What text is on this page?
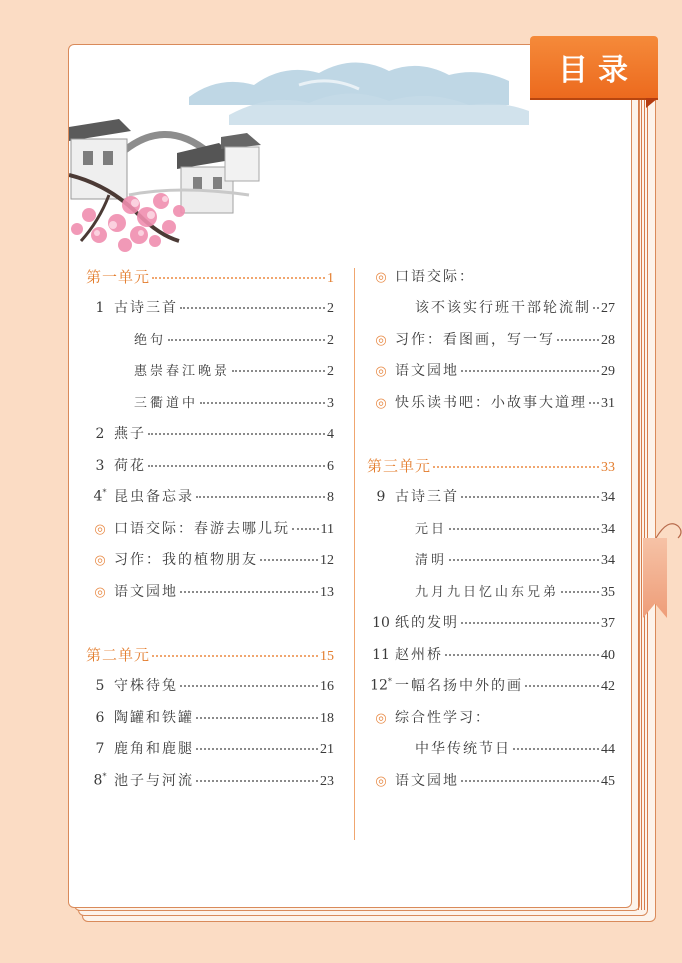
目录
第一单元	1
1 古诗三首	2
绝句	2
惠崇春江晚景	2
三衢道中	3
2 燕子	4
3 荷花	6
4* 昆虫备忘录	8
◎ 口语交际：春游去哪儿玩 11
◎ 习作：我的植物朋友	12
◎ 语文园地	13
第二单元	15
5 守株待兔	16
6 陶罐和铁罐	18
7 鹿角和鹿腿	21
8* 池子与河流	23
◎ 口语交际：
该不该实行班干部轮流制 27
◎ 习作：看图画，写一写	28
◎ 语文园地	29
◎ 快乐读书吧：小故事大道理 31
第三单元	33
9 古诗三首	34
元日	34
清明	34
九月九日忆山东兄弟	35
10 纸的发明	37
11 赵州桥	40
12* 一幅名扬中外的画	42
◎ 综合性学习：
中华传统节日	44
◎ 语文园地	45
